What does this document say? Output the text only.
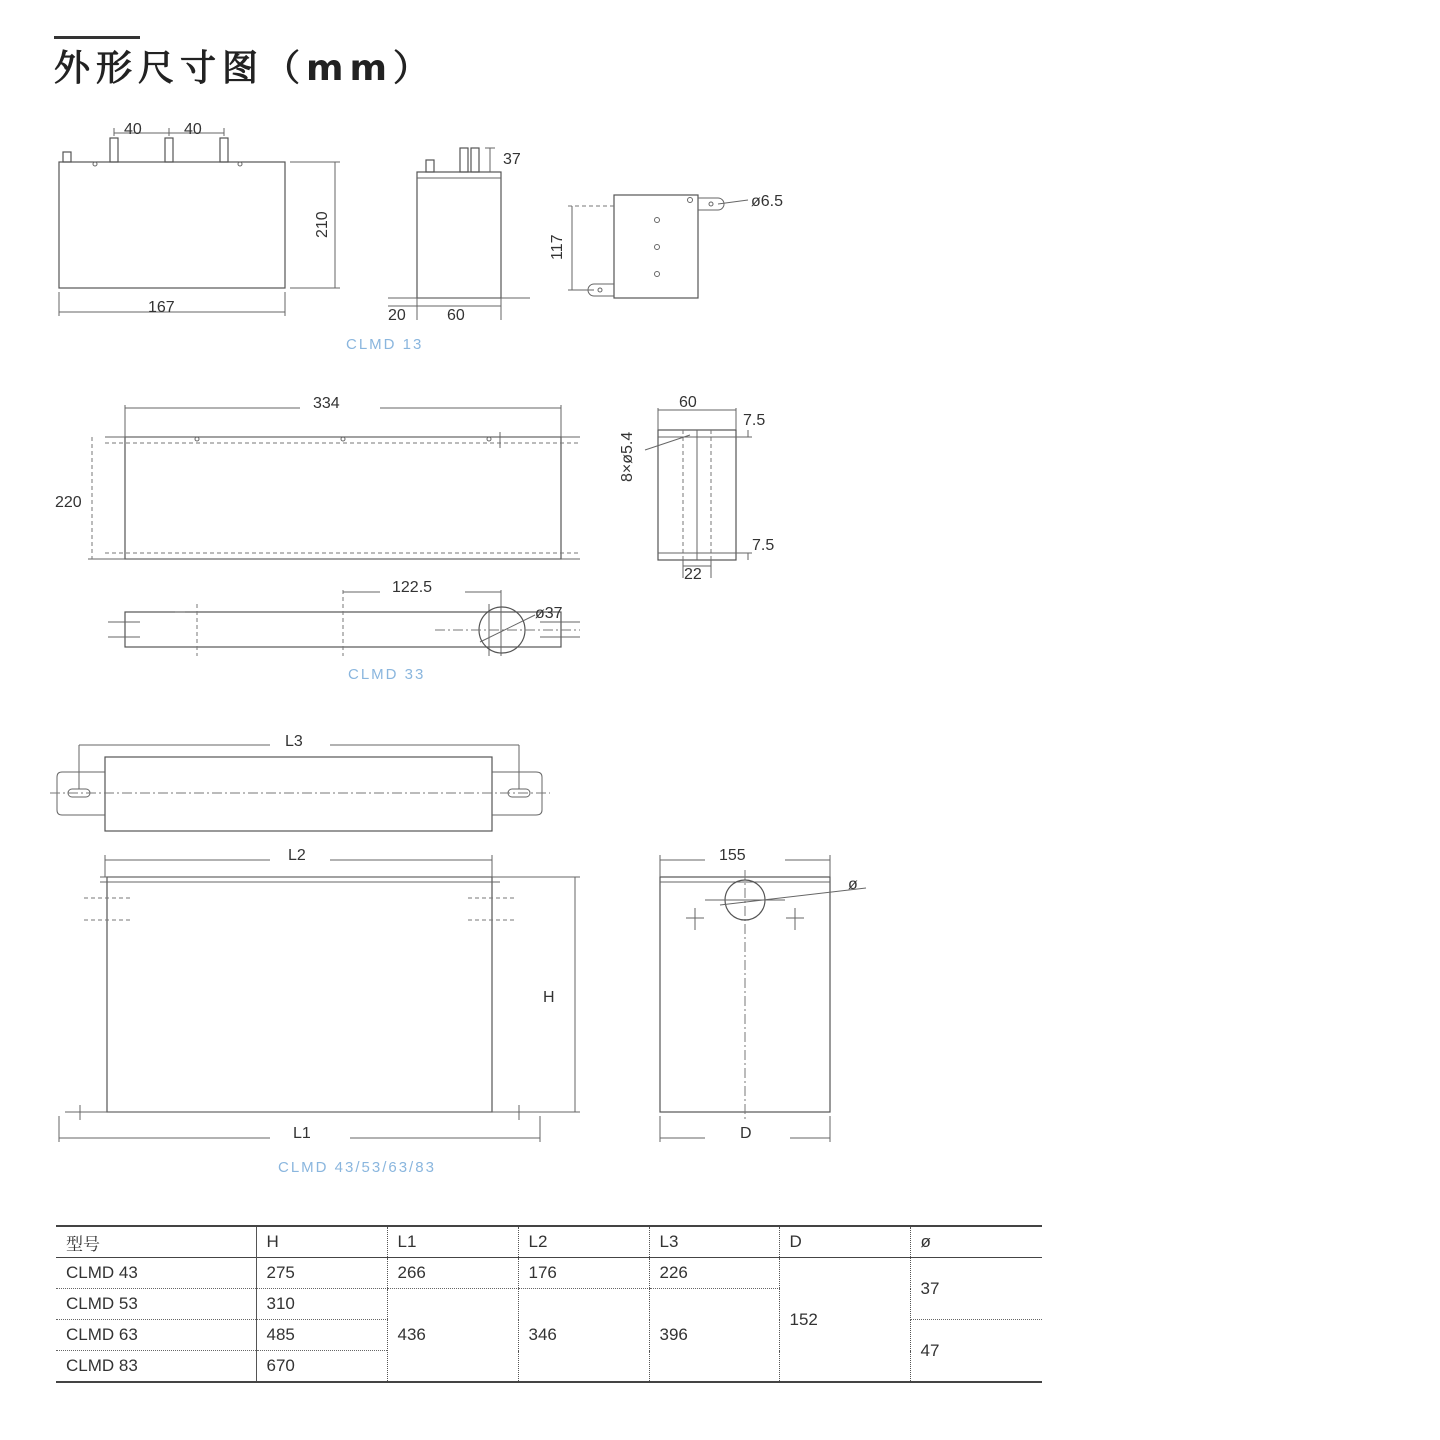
外形尺寸图（mm）
40	40
210
167
37
20	60
ø6.5
117
CLMD 13
334
220
60
7.5
7.5
8×ø5.4
22
122.5
ø37
CLMD 33
L3
L2
H
L1
155
ø
D
CLMD 43/53/63/83
型号	H	L1	L2	L3	D	ø
CLMD 43	275	266	176	226	152	37
CLMD 53	310	436	346	396		
CLMD 63	485					47
CLMD 83	670					
